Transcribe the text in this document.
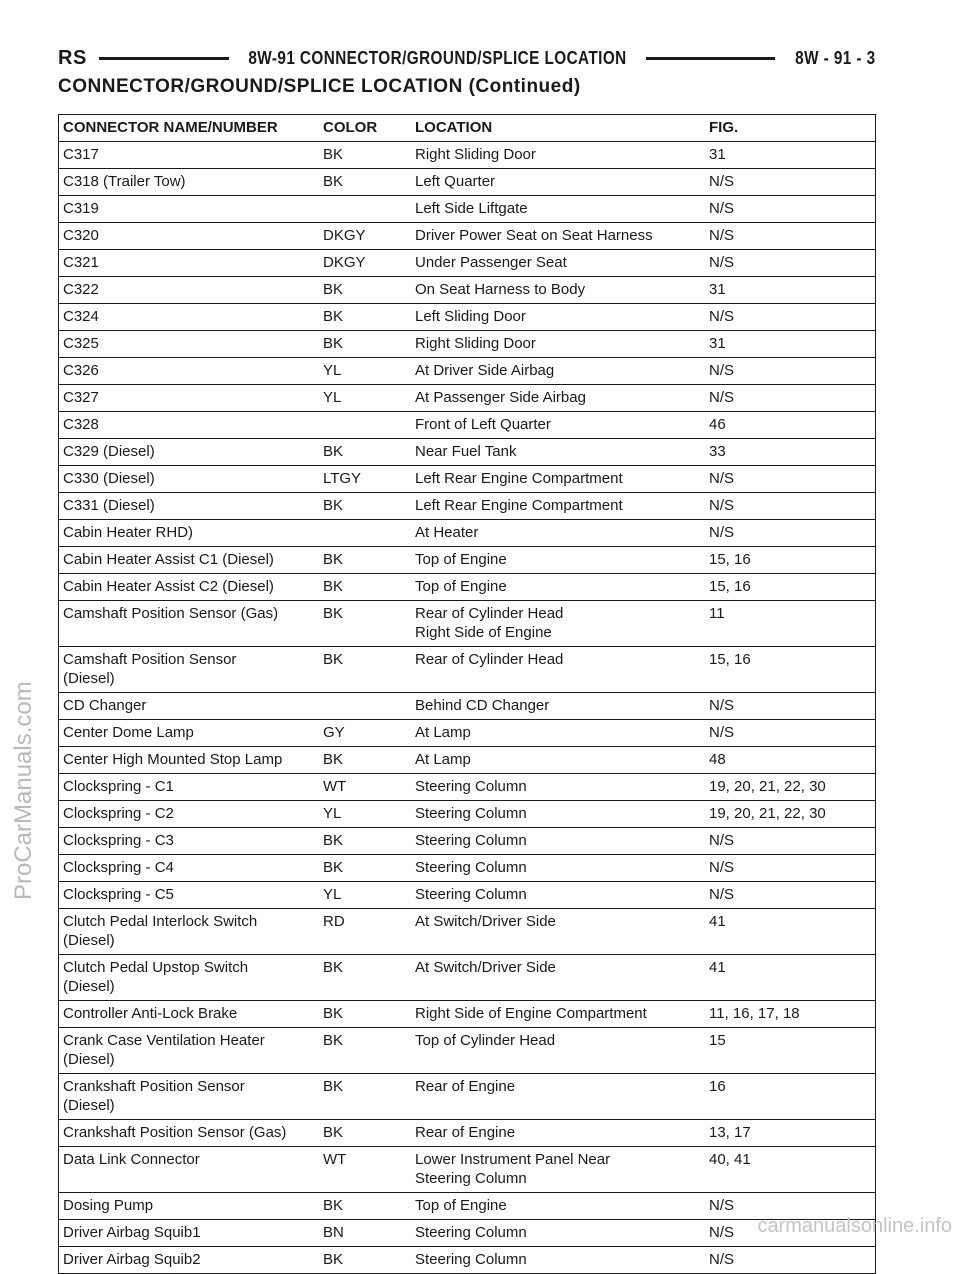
RS	8W-91 CONNECTOR/GROUND/SPLICE LOCATION	8W - 91 - 3
CONNECTOR/GROUND/SPLICE LOCATION (Continued)
CONNECTOR NAME/NUMBER	COLOR	LOCATION	FIG.

C317	BK	Right Sliding Door	31

C318 (Trailer Tow)	BK	Left Quarter	N/S

C319		Left Side Liftgate	N/S

C320	DKGY	Driver Power Seat on Seat Harness	N/S

C321	DKGY	Under Passenger Seat	N/S

C322	BK	On Seat Harness to Body	31

C324	BK	Left Sliding Door	N/S

C325	BK	Right Sliding Door	31

C326	YL	At Driver Side Airbag	N/S

C327	YL	At Passenger Side Airbag	N/S

C328		Front of Left Quarter	46

C329 (Diesel)	BK	Near Fuel Tank	33

C330 (Diesel)	LTGY	Left Rear Engine Compartment	N/S

C331 (Diesel)	BK	Left Rear Engine Compartment	N/S

Cabin Heater RHD)		At Heater	N/S

Cabin Heater Assist C1 (Diesel)	BK	Top of Engine	15, 16

Cabin Heater Assist C2 (Diesel)	BK	Top of Engine	15, 16

Camshaft Position Sensor (Gas)	BK	Rear of Cylinder Head
Right Side of Engine	11

Camshaft Position Sensor
(Diesel)	BK	Rear of Cylinder Head	15, 16

CD Changer		Behind CD Changer	N/S

Center Dome Lamp	GY	At Lamp	N/S

Center High Mounted Stop Lamp	BK	At Lamp	48

Clockspring - C1	WT	Steering Column	19, 20, 21, 22, 30

Clockspring - C2	YL	Steering Column	19, 20, 21, 22, 30

Clockspring - C3	BK	Steering Column	N/S

Clockspring - C4	BK	Steering Column	N/S

Clockspring - C5	YL	Steering Column	N/S

Clutch Pedal Interlock Switch
(Diesel)	RD	At Switch/Driver Side	41

Clutch Pedal Upstop Switch
(Diesel)	BK	At Switch/Driver Side	41

Controller Anti-Lock Brake	BK	Right Side of Engine Compartment	11, 16, 17, 18

Crank Case Ventilation Heater
(Diesel)	BK	Top of Cylinder Head	15

Crankshaft Position Sensor
(Diesel)	BK	Rear of Engine	16

Crankshaft Position Sensor (Gas)	BK	Rear of Engine	13, 17

Data Link Connector	WT	Lower Instrument Panel Near
Steering Column	40, 41

Dosing Pump	BK	Top of Engine	N/S

Driver Airbag Squib1	BN	Steering Column	N/S

Driver Airbag Squib2	BK	Steering Column	N/S
ProCarManuals.com
carmanualsonline.info
